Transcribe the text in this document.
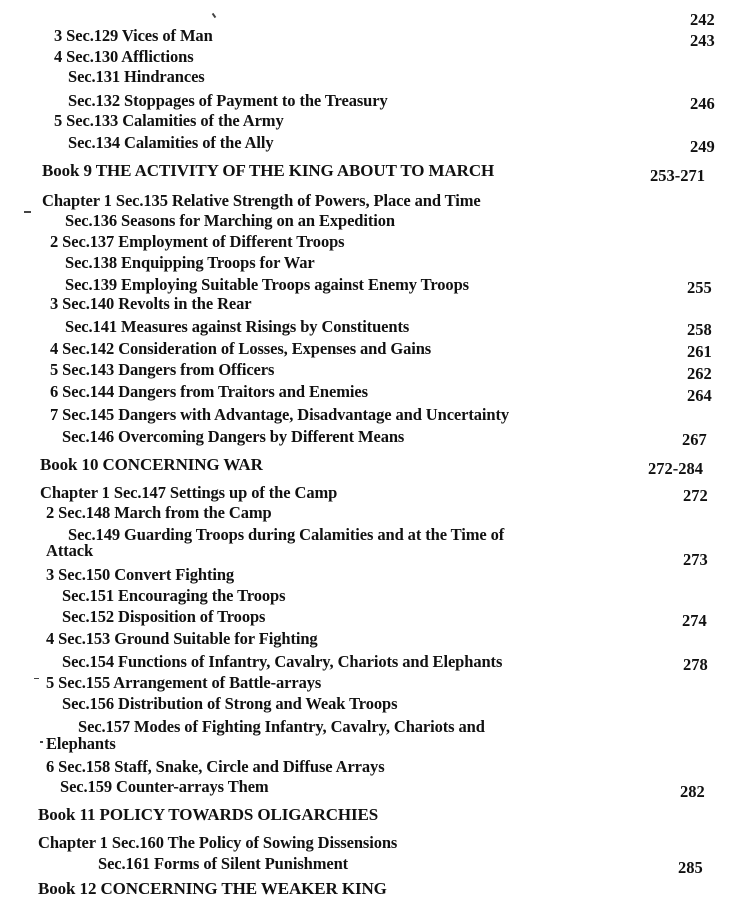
242
3 Sec.129 Vices of Man	243
4 Sec.130 Afflictions
Sec.131 Hindrances
Sec.132 Stoppages of Payment to the Treasury	246
5 Sec.133 Calamities of the Army
Sec.134 Calamities of the Ally	249
Book 9 THE ACTIVITY OF THE KING ABOUT TO MARCH	253-271
Chapter 1 Sec.135 Relative Strength of Powers, Place and Time
Sec.136 Seasons for Marching on an Expedition
2 Sec.137 Employment of Different Troops
Sec.138 Enquipping Troops for War
Sec.139 Employing Suitable Troops against Enemy Troops	255
3 Sec.140 Revolts in the Rear
Sec.141 Measures against Risings by Constituents	258
4 Sec.142 Consideration of Losses, Expenses and Gains	261
5 Sec.143 Dangers from Officers	262
6 Sec.144 Dangers from Traitors and Enemies	264
7 Sec.145 Dangers with Advantage, Disadvantage and Uncertainty
Sec.146 Overcoming Dangers by Different Means	267
Book 10 CONCERNING WAR	272-284
Chapter 1 Sec.147 Settings up of the Camp	272
2 Sec.148 March from the Camp
Sec.149 Guarding Troops during Calamities and at the Time of
Attack	273
3 Sec.150 Convert Fighting
Sec.151 Encouraging the Troops
Sec.152 Disposition of Troops	274
4 Sec.153 Ground Suitable for Fighting
Sec.154 Functions of Infantry, Cavalry, Chariots and Elephants	278
5 Sec.155 Arrangement of Battle-arrays
Sec.156 Distribution of Strong and Weak Troops
Sec.157 Modes of Fighting Infantry, Cavalry, Chariots and
Elephants
6 Sec.158 Staff, Snake, Circle and Diffuse Arrays
Sec.159 Counter-arrays Them	282
Book 11 POLICY TOWARDS OLIGARCHIES
Chapter 1 Sec.160 The Policy of Sowing Dissensions
Sec.161 Forms of Silent Punishment	285
Book 12 CONCERNING THE WEAKER KING
